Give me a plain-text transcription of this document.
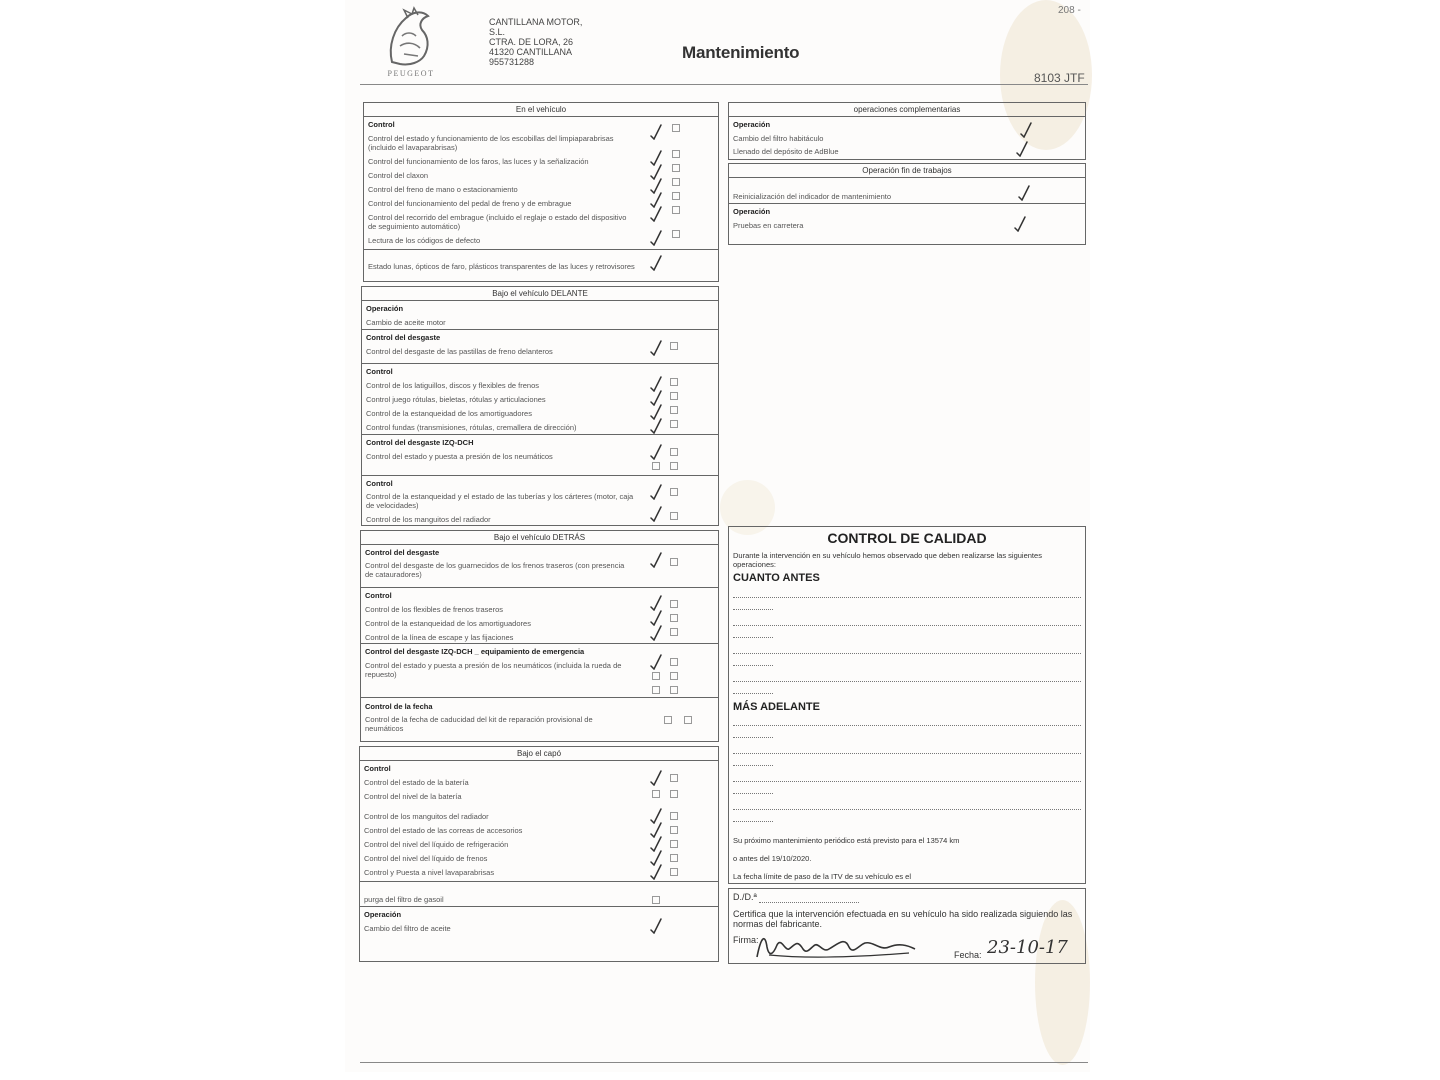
PEUGEOT
CANTILLANA MOTOR,
S.L.
CTRA. DE LORA, 26
41320 CANTILLANA
955731288	Mantenimiento
208 -
8103 JTF
En el vehículo
Control
Control del estado y funcionamiento de los escobillas del limpiaparabrisas (incluido el lavaparabrisas)
Control del funcionamiento de los faros, las luces y la señalización
Control del claxon
Control del freno de mano o estacionamiento
Control del funcionamiento del pedal de freno y de embrague
Control del recorrido del embrague (incluido el reglaje o estado del dispositivo de seguimiento automático)
Lectura de los códigos de defecto
Estado lunas, ópticos de faro, plásticos transparentes de las luces y retrovisores
Bajo el vehículo DELANTE
Operación
Cambio de aceite motor
Control del desgaste
Control del desgaste de las pastillas de freno delanteros
Control
Control de los latiguillos, discos y flexibles de frenos
Control juego rótulas, bieletas, rótulas y articulaciones
Control de la estanqueidad de los amortiguadores
Control fundas (transmisiones, rótulas, cremallera de dirección)
Control del desgaste IZQ-DCH
Control del estado y puesta a presión de los neumáticos
Control
Control de la estanqueidad y el estado de las tuberías y los cárteres (motor, caja de velocidades)
Control de los manguitos del radiador
Bajo el vehículo DETRÁS
Control del desgaste
Control del desgaste de los guarnecidos de los frenos traseros (con presencia de catauradores)
Control
Control de los flexibles de frenos traseros
Control de la estanqueidad de los amortiguadores
Control de la línea de escape y las fijaciones
Control del desgaste IZQ-DCH _ equipamiento de emergencia
Control del estado y puesta a presión de los neumáticos (incluida la rueda de repuesto)
Control de la fecha
Control de la fecha de caducidad del kit de reparación provisional de neumáticos
Bajo el capó
Control
Control del estado de la batería
Control del nivel de la batería
Control de los manguitos del radiador
Control del estado de las correas de accesorios
Control del nivel del líquido de refrigeración
Control del nivel del líquido de frenos
Control y Puesta a nivel lavaparabrisas
purga del filtro de gasoil
Operación
Cambio del filtro de aceite
operaciones complementarias
Operación
Cambio del filtro habitáculo
Llenado del depósito de AdBlue
Operación fin de trabajos
Reinicialización del indicador de mantenimiento
Operación
Pruebas en carretera
CONTROL DE CALIDAD
Durante la intervención en su vehículo hemos observado que deben realizarse las siguientes operaciones:
CUANTO ANTES
MÁS ADELANTE
Su próximo mantenimiento periódico está previsto para el 13574 km
o antes del 19/10/2020.
La fecha límite de paso de la ITV de su vehículo es el
D./D.ª
Certifica que la intervención efectuada en su vehículo ha sido realizada siguiendo las normas del fabricante.
Firma:
Fecha: 23-10-17
